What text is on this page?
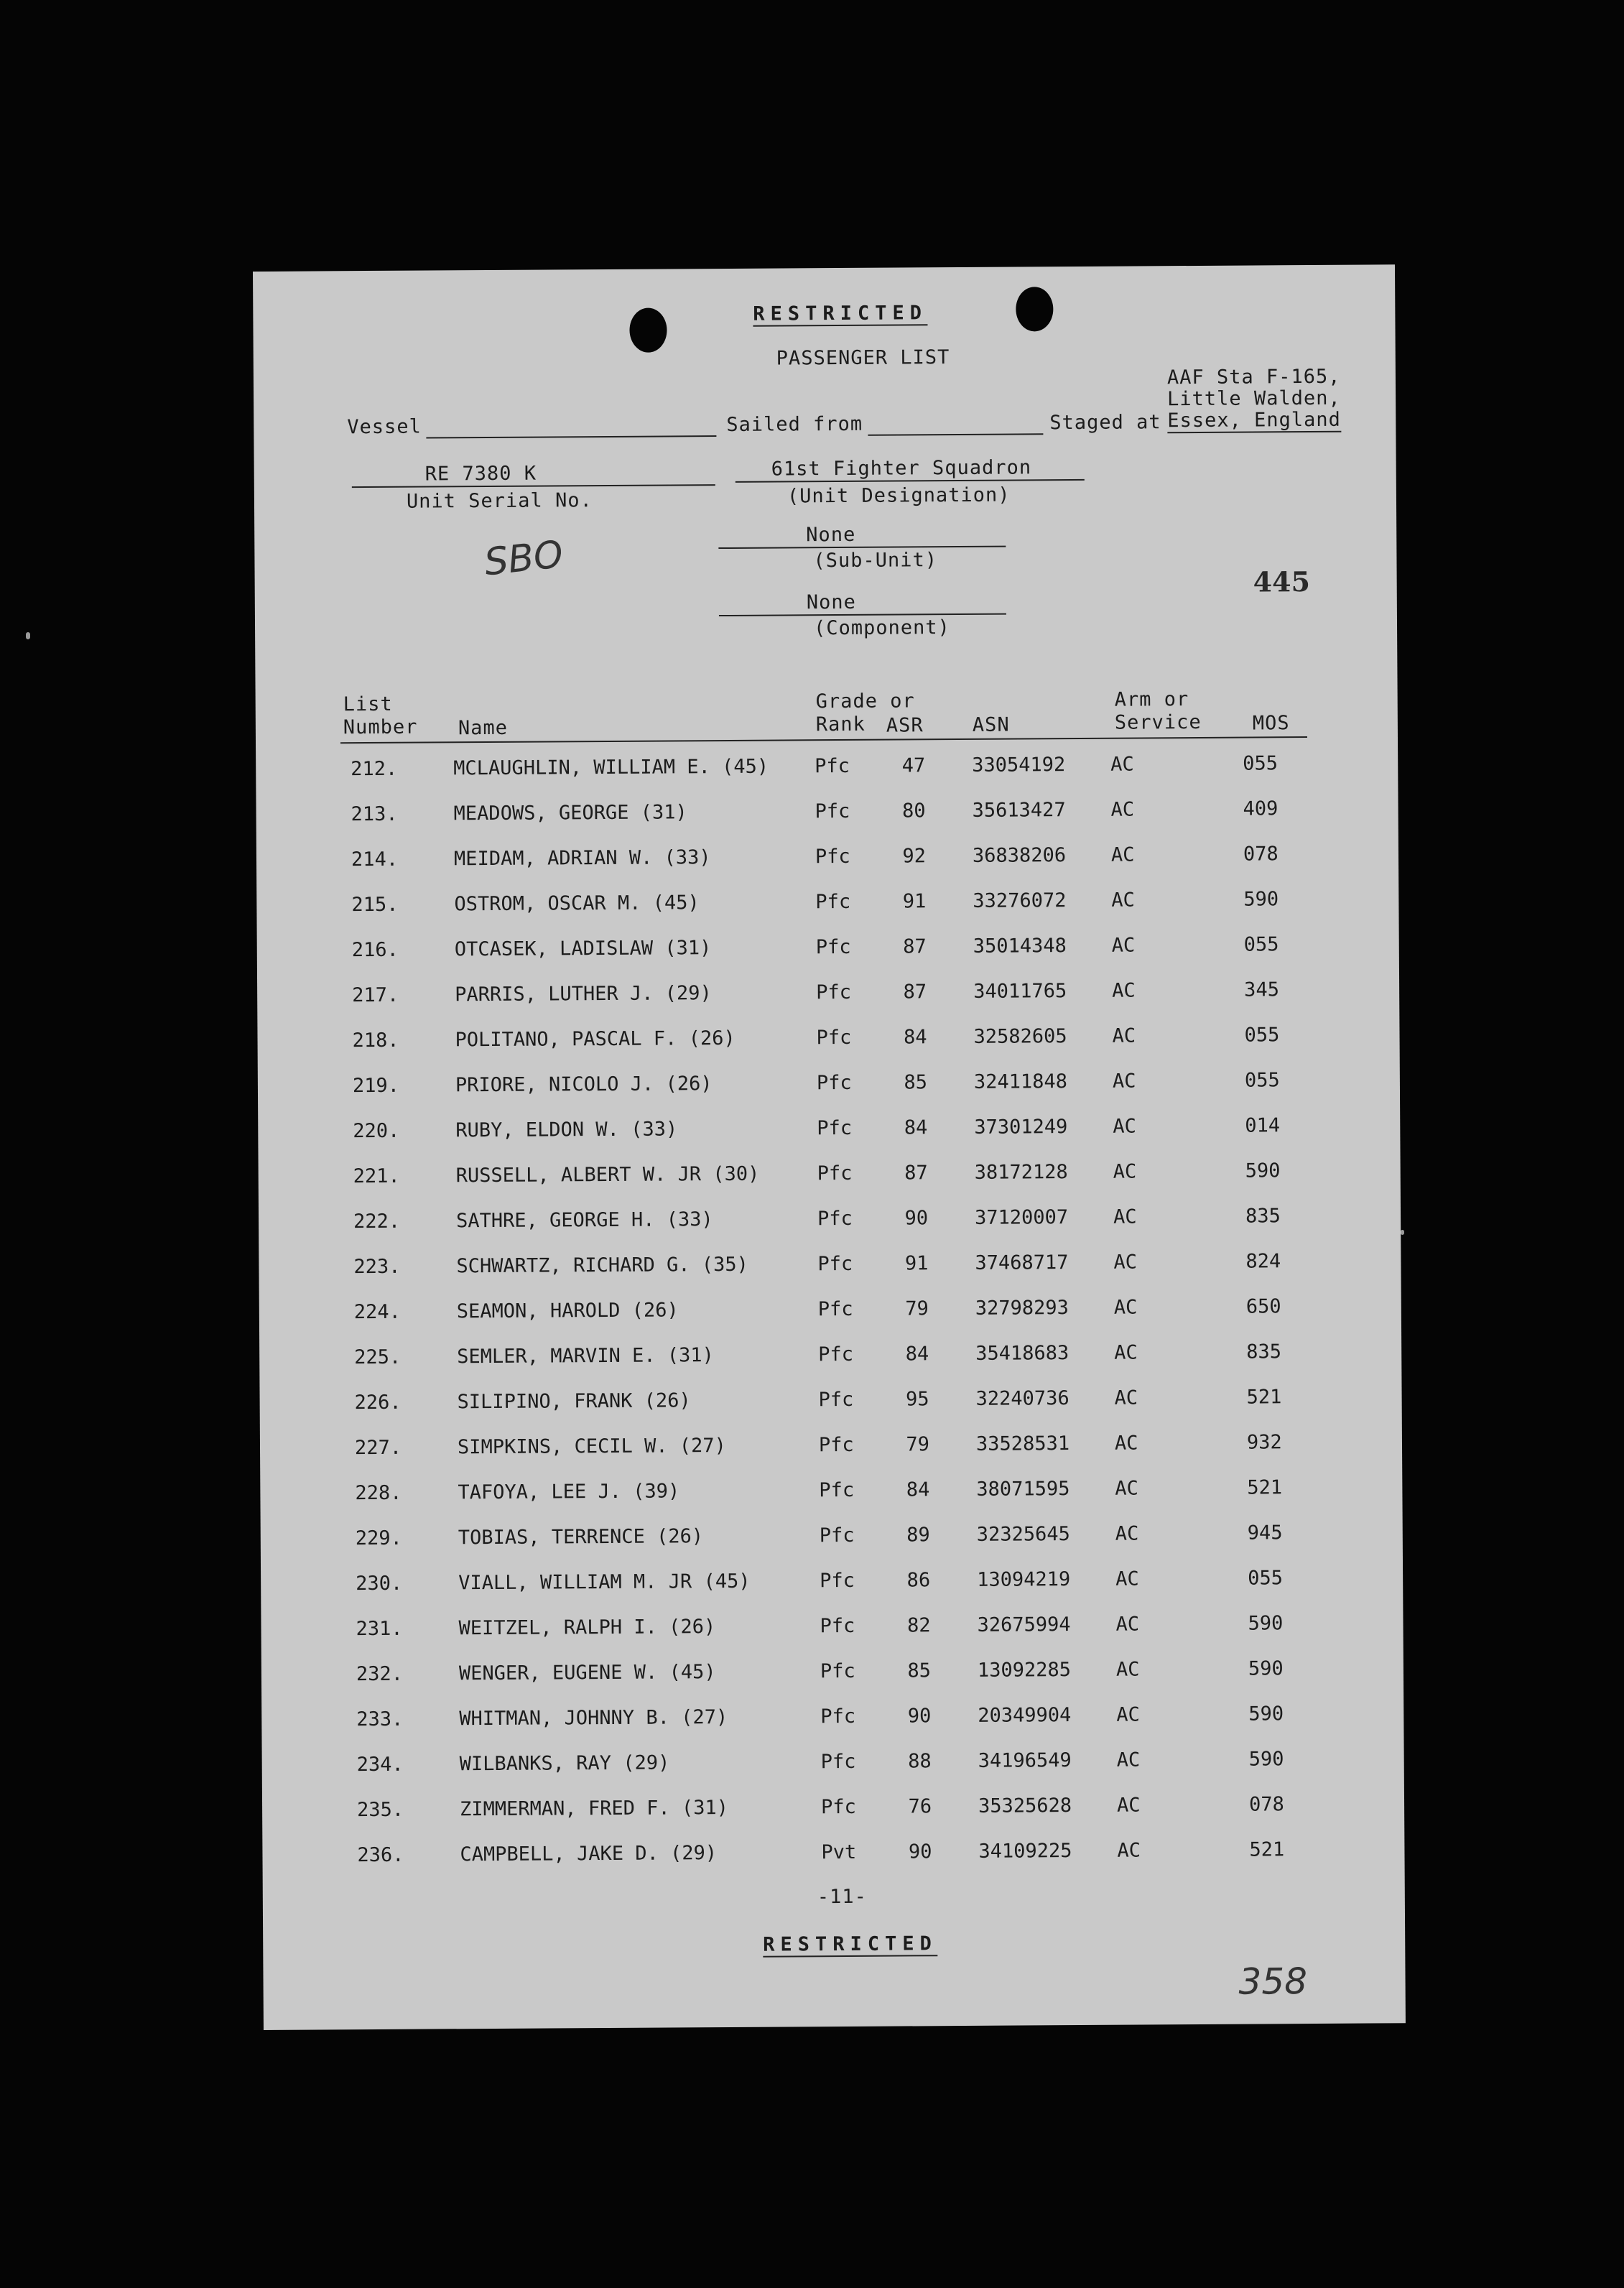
RESTRICTED
PASSENGER LIST
AAF Sta F-165,
Little Walden,
Vessel	Sailed from	Staged at Essex, England
RE 7380 K
Unit Serial No.
61st Fighter Squadron
(Unit Designation)
SBO	None
(Sub-Unit)
445
None
(Component)
List
Number Name
Grade or
Rank ASR	ASN
Arm or
Service	MOS
212.	MCLAUGHLIN, WILLIAM E. (45) Pfc	47 33054192 AC	055
213.	MEADOWS, GEORGE (31)	Pfc	80 35613427 AC	409
214.	MEIDAM, ADRIAN W. (33)	Pfc	92 36838206 AC	078
215.	OSTROM, OSCAR M. (45)	Pfc	91 33276072 AC	590
216.	OTCASEK, LADISLAW (31)	Pfc	87 35014348 AC	055
217.	PARRIS, LUTHER J. (29)	Pfc	87 34011765 AC	345
218.	POLITANO, PASCAL F. (26)	Pfc	84 32582605 AC	055
219.	PRIORE, NICOLO J. (26)	Pfc	85 32411848 AC	055
220.	RUBY, ELDON W. (33)	Pfc	84 37301249 AC	014
221.	RUSSELL, ALBERT W. JR (30)	Pfc	87 38172128 AC	590
222.	SATHRE, GEORGE H. (33)	Pfc	90 37120007 AC	835
223.	SCHWARTZ, RICHARD G. (35)	Pfc	91 37468717 AC	824
224.	SEAMON, HAROLD (26)	Pfc	79 32798293 AC	650
225.	SEMLER, MARVIN E. (31)	Pfc	84 35418683 AC	835
226.	SILIPINO, FRANK (26)	Pfc	95 32240736 AC	521
227.	SIMPKINS, CECIL W. (27)	Pfc	79 33528531 AC	932
228.	TAFOYA, LEE J. (39)	Pfc	84 38071595 AC	521
229.	TOBIAS, TERRENCE (26)	Pfc	89 32325645 AC	945
230.	VIALL, WILLIAM M. JR (45)	Pfc	86 13094219 AC	055
231.	WEITZEL, RALPH I. (26)	Pfc	82 32675994 AC	590
232.	WENGER, EUGENE W. (45)	Pfc	85 13092285 AC	590
233.	WHITMAN, JOHNNY B. (27)	Pfc	90 20349904 AC	590
234.	WILBANKS, RAY (29)	Pfc	88 34196549 AC	590
235.	ZIMMERMAN, FRED F. (31)	Pfc	76 35325628 AC	078
236.	CAMPBELL, JAKE D. (29)	Pvt	90 34109225 AC	521
-11-
RESTRICTED
358
